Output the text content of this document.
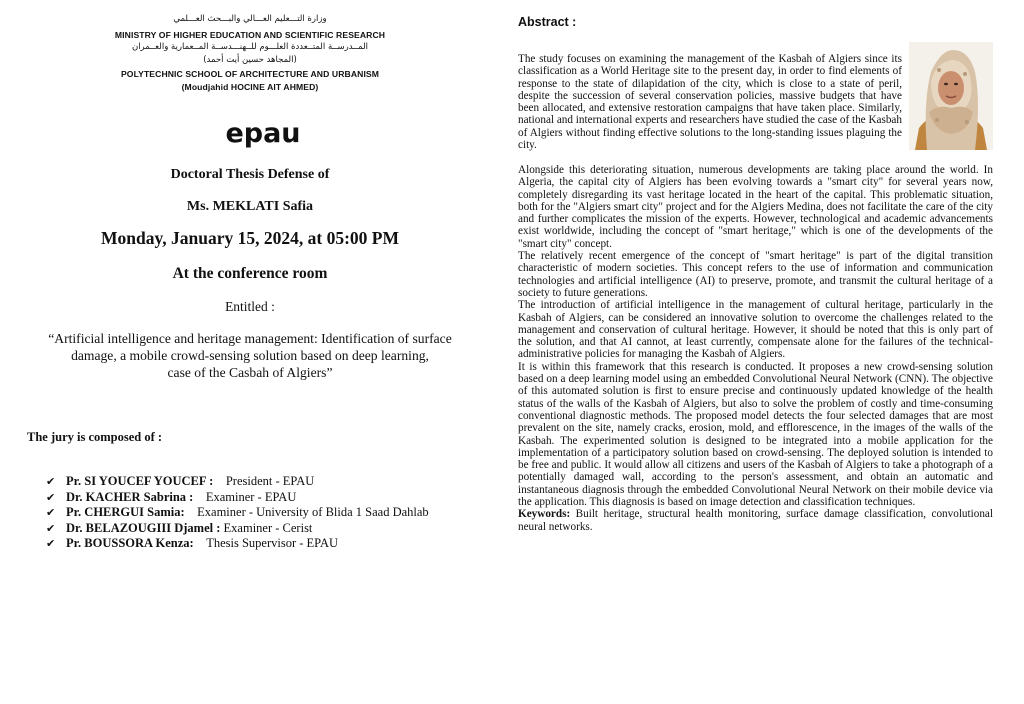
وزارة التـــعليم العـــالي والبـــحث العـــلمي
MINISTRY OF HIGHER EDUCATION AND SCIENTIFIC RESEARCH
المــدرســة المتــعددة العلـــوم للــهنـــدســة المــعمارية والعــمران
(المجاهد حسين أيت أحمد)
POLYTECHNIC SCHOOL OF ARCHITECTURE AND URBANISM
(Moudjahid HOCINE AIT AHMED)
epau
Doctoral Thesis Defense of
Ms. MEKLATI Safia
Monday, January 15, 2024, at 05:00 PM
At the conference room
Entitled :
“Artificial intelligence and heritage management: Identification of surface
damage, a mobile crowd-sensing solution based on deep learning,
case of the Casbah of Algiers”
The jury is composed of :
✔ Pr. SI YOUCEF YOUCEF : President - EPAU
✔ Dr. KACHER Sabrina : Examiner - EPAU
✔ Pr. CHERGUI Samia: Examiner - University of Blida 1 Saad Dahlab
✔ Dr. BELAZOUGIII Djamel : Examiner - Cerist
✔ Pr. BOUSSORA Kenza: Thesis Supervisor - EPAU
Abstract :

The study focuses on examining the management of the Kasbah of Algiers since its classification as a World Heritage site to the present day, in order to find elements of response to the state of dilapidation of the city, which is close to a state of peril, despite the succession of several conservation policies, massive budgets that have been allocated, and extensive restoration campaigns that have taken place. Similarly, national and international experts and researchers have studied the case of the Kasbah of Algiers without finding effective solutions to the long-standing issues plaguing the city.

Alongside this deteriorating situation, numerous developments are taking place around the world. In Algeria, the capital city of Algiers has been evolving towards a "smart city" for several years now, completely disregarding its vast heritage located in the heart of the capital. This problematic situation, both for the "Algiers smart city" project and for the Algiers Medina, does not facilitate the care of the city and further complicates the mission of the experts. However, technological and academic advancements exist worldwide, including the concept of "smart heritage," which is one of the developments of the "smart city" concept.

The relatively recent emergence of the concept of "smart heritage" is part of the digital transition characteristic of modern societies. This concept refers to the use of information and communication technologies and artificial intelligence (AI) to preserve, promote, and transmit the cultural heritage of a society to future generations.

The introduction of artificial intelligence in the management of cultural heritage, particularly in the Kasbah of Algiers, can be considered an innovative solution to overcome the challenges related to the management and conservation of cultural heritage. However, it should be noted that this is only part of the solution, and that AI cannot, at least currently, compensate alone for the failures of the technical-administrative policies for managing the Kasbah of Algiers.

It is within this framework that this research is conducted. It proposes a new crowd-sensing solution based on a deep learning model using an embedded Convolutional Neural Network (CNN). The objective of this automated solution is first to ensure precise and continuously updated knowledge of the health status of the walls of the Kasbah of Algiers, but also to solve the problem of costly and time-consuming conventional diagnostic methods. The proposed model detects the four selected damages that are most prevalent on the site, namely cracks, erosion, mold, and efflorescence, in the images of the walls of the Kasbah. The experimented solution is designed to be integrated into a mobile application for the implementation of a participatory solution based on crowd-sensing. The deployed solution is intended to be free and public. It would allow all citizens and users of the Kasbah of Algiers to take a photograph of a potentially damaged wall, according to the person's assessment, and obtain an automatic and instantaneous diagnosis through the embedded Convolutional Neural Network on their mobile device via the application. This diagnosis is based on image detection and classification techniques.

Keywords: Built heritage, structural health monitoring, surface damage classification, convolutional neural networks.
